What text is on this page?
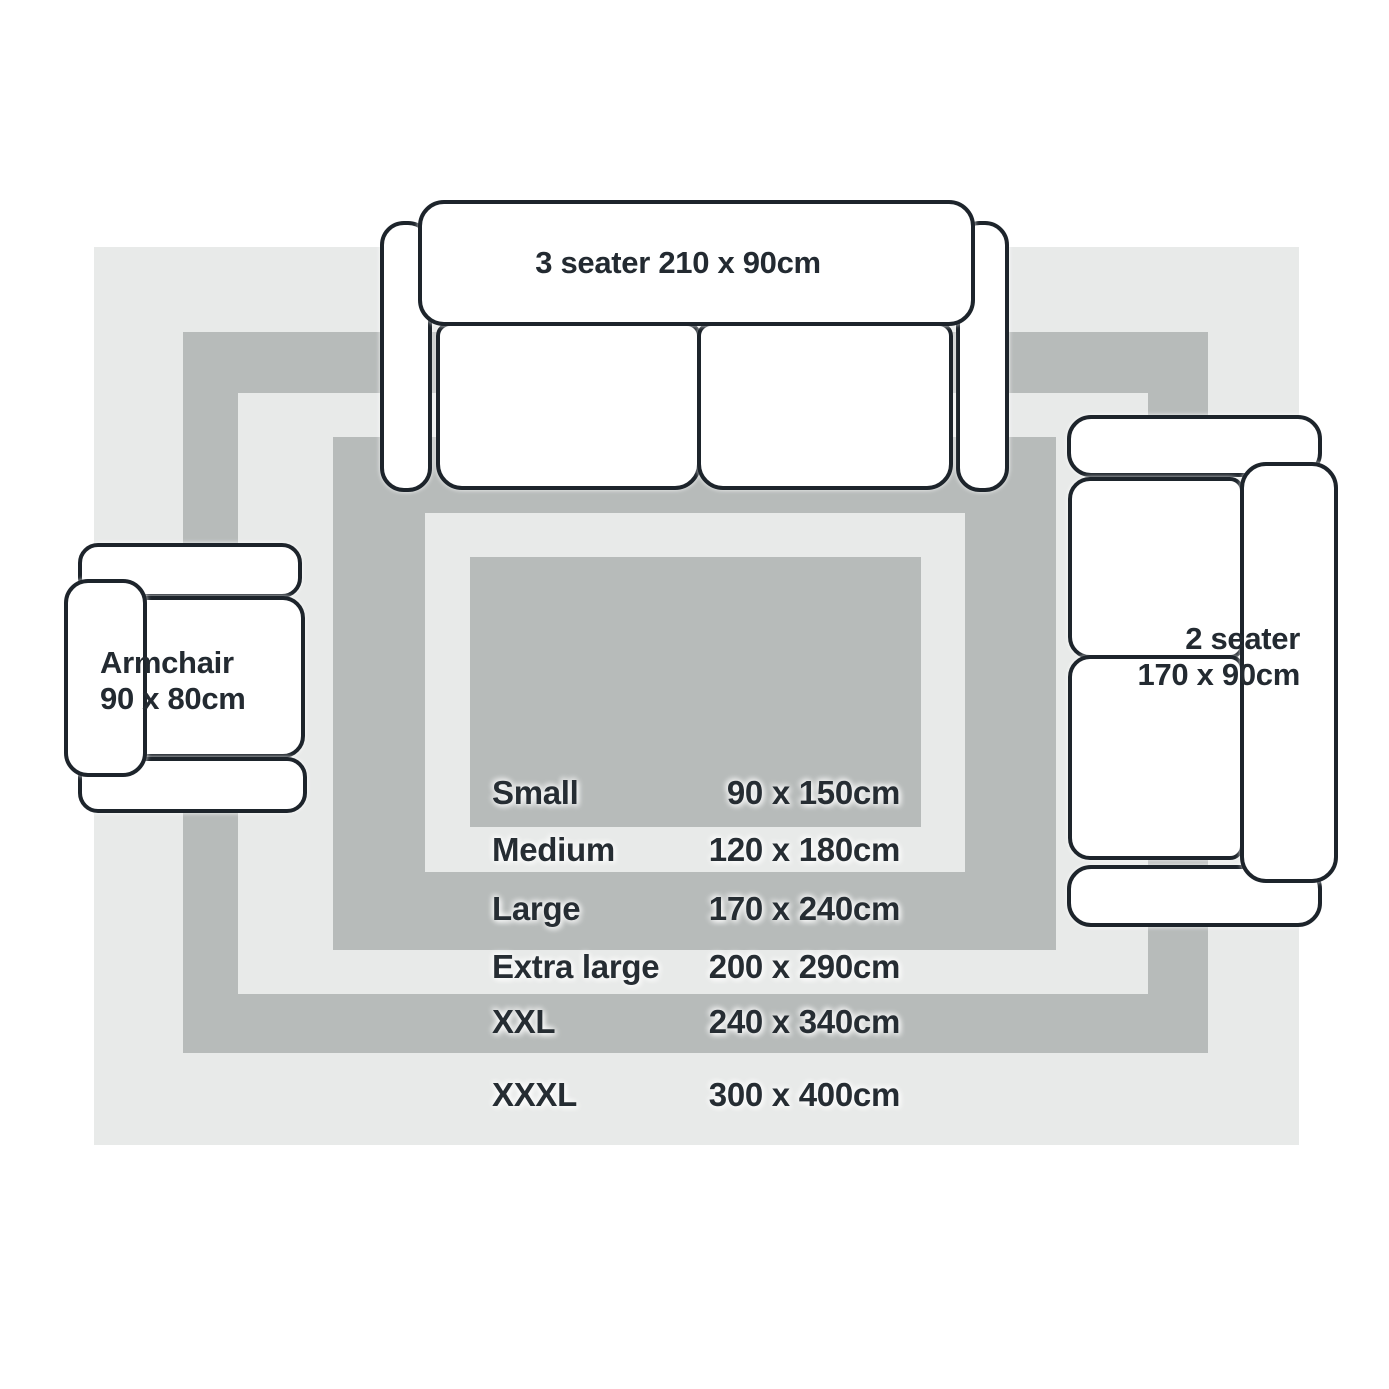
Small	90 x 150cm
Medium	120 x 180cm
Large	170 x 240cm
Extra large 200 x 290cm
XXL	240 x 340cm
XXXL	300 x 400cm
3 seater 210 x 90cm
2 seater
170 x 90cm
Armchair
90 x 80cm
